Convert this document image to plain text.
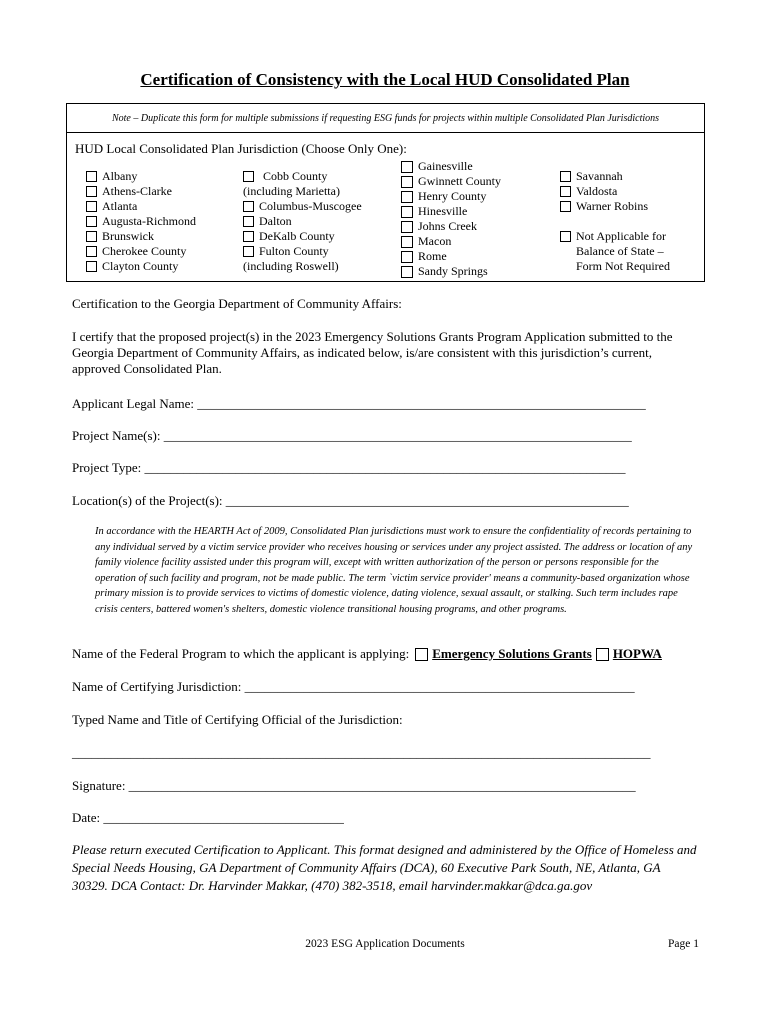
Certification of Consistency with the Local HUD Consolidated Plan
Note – Duplicate this form for multiple submissions if requesting ESG funds for projects within multiple Consolidated Plan Jurisdictions
HUD Local Consolidated Plan Jurisdiction (Choose Only One):
Albany
Athens-Clarke
Atlanta
Augusta-Richmond
Brunswick
Cherokee County
Clayton County
Cobb County
(including Marietta)
Columbus-Muscogee
Dalton
DeKalb County
Fulton County
(including Roswell)
Gainesville
Gwinnett County
Henry County
Hinesville
Johns Creek
Macon
Rome
Sandy Springs
Savannah
Valdosta
Warner Robins
Not Applicable for
Balance of State –
Form Not Required
Certification to the Georgia Department of Community Affairs:
I certify that the proposed project(s) in the 2023 Emergency Solutions Grants Program Application submitted to the Georgia Department of Community Affairs, as indicated below, is/are consistent with this jurisdiction’s current, approved Consolidated Plan.
Applicant Legal Name: _____________________________________________________________________
Project Name(s): ________________________________________________________________________
Project Type: __________________________________________________________________________
Location(s) of the Project(s): ______________________________________________________________
In accordance with the HEARTH Act of 2009, Consolidated Plan jurisdictions must work to ensure the confidentiality of records pertaining to any individual served by a victim service provider who receives housing or services under any project assisted. The address or location of any family violence facility assisted under this program will, except with written authorization of the person or persons responsible for the operation of such facility and program, not be made public. The term `victim service provider' means a community-based organization whose primary mission is to provide services to victims of domestic violence, dating violence, sexual assault, or stalking. Such term includes rape crisis centers, battered women's shelters, domestic violence transitional housing programs, and other programs.
Name of the Federal Program to which the applicant is applying: Emergency Solutions Grants HOPWA
Name of Certifying Jurisdiction: ____________________________________________________________
Typed Name and Title of Certifying Official of the Jurisdiction:
_________________________________________________________________________________________
Signature: ______________________________________________________________________________
Date: _____________________________________
Please return executed Certification to Applicant. This format designed and administered by the Office of Homeless and Special Needs Housing, GA Department of Community Affairs (DCA), 60 Executive Park South, NE, Atlanta, GA 30329. DCA Contact: Dr. Harvinder Makkar, (470) 382-3518, email harvinder.makkar@dca.ga.gov
2023 ESG Application Documents	Page 1
